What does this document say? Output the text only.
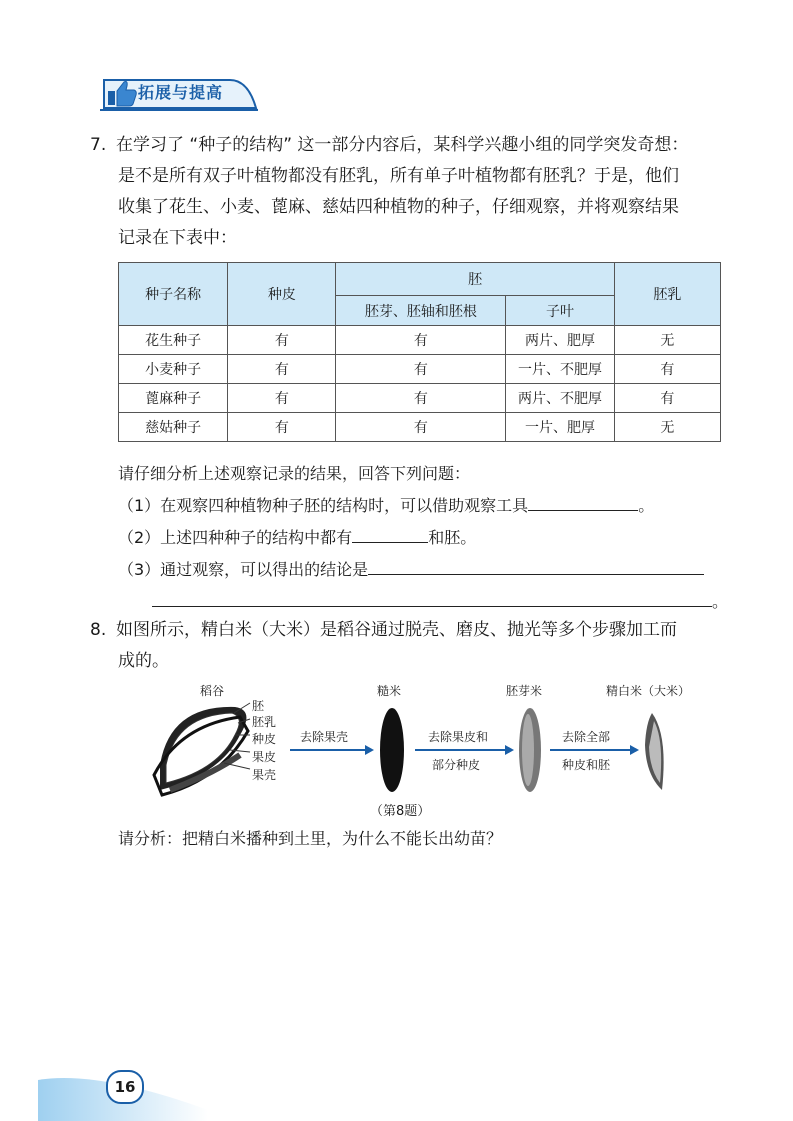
拓展与提高
7. 在学习了 “种子的结构” 这一部分内容后，某科学兴趣小组的同学突发奇想：
是不是所有双子叶植物都没有胚乳，所有单子叶植物都有胚乳？于是，他们
收集了花生、小麦、蓖麻、慈姑四种植物的种子，仔细观察，并将观察结果
记录在下表中：
种子名称	种皮	胚		胚乳
		胚芽、胚轴和胚根	子叶	
花生种子	有	有	两片、肥厚	无
小麦种子	有	有	一片、不肥厚	有
蓖麻种子	有	有	两片、不肥厚	有
慈姑种子	有	有	一片、肥厚	无
请仔细分析上述观察记录的结果，回答下列问题：
（1）在观察四种植物种子胚的结构时，可以借助观察工具	。
（2）上述四种种子的结构中都有	和胚。
（3）通过观察，可以得出的结论是
。
8. 如图所示，精白米（大米）是稻谷通过脱壳、磨皮、抛光等多个步骤加工而
成的。
稻谷	糙米	胚芽米	精白米（大米）
胚
胚乳
种皮
果皮
果壳
去除果壳	去除果皮和
部分种皮
去除全部
种皮和胚
（第8题）
请分析：把精白米播种到土里，为什么不能长出幼苗？
16
